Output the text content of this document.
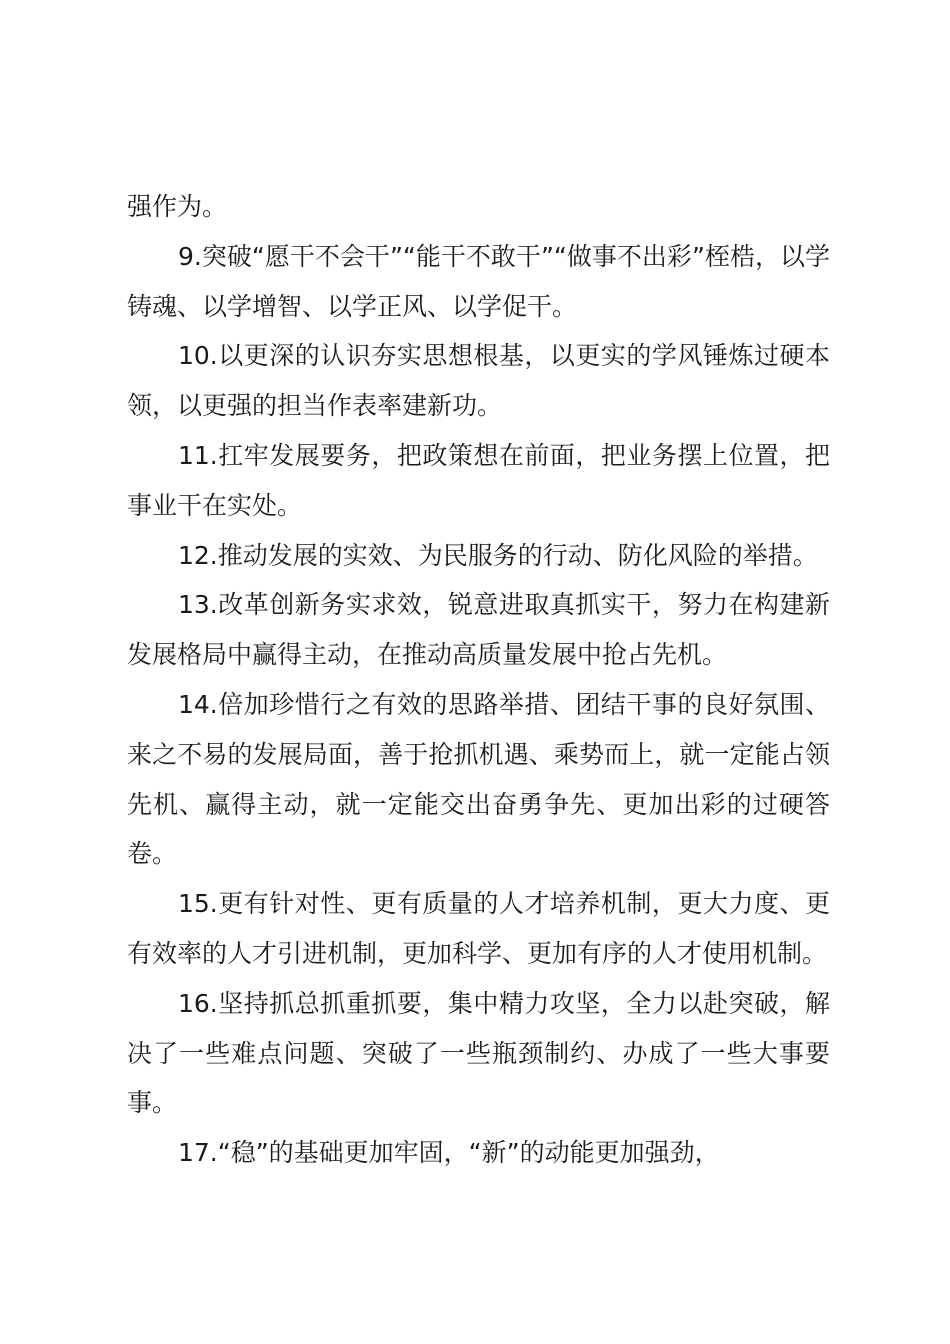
强作为。

9.突破“愿干不会干”“能干不敢干”“做事不出彩”桎梏，以学铸魂、以学增智、以学正风、以学促干。

10.以更深的认识夯实思想根基，以更实的学风锤炼过硬本领，以更强的担当作表率建新功。

11.扛牢发展要务，把政策想在前面，把业务摆上位置，把事业干在实处。

12.推动发展的实效、为民服务的行动、防化风险的举措。

13.改革创新务实求效，锐意进取真抓实干，努力在构建新发展格局中赢得主动，在推动高质量发展中抢占先机。

14.倍加珍惜行之有效的思路举措、团结干事的良好氛围、来之不易的发展局面，善于抢抓机遇、乘势而上，就一定能占领先机、赢得主动，就一定能交出奋勇争先、更加出彩的过硬答卷。

15.更有针对性、更有质量的人才培养机制，更大力度、更有效率的人才引进机制，更加科学、更加有序的人才使用机制。

16.坚持抓总抓重抓要，集中精力攻坚，全力以赴突破，解决了一些难点问题、突破了一些瓶颈制约、办成了一些大事要事。

17.“稳”的基础更加牢固，“新”的动能更加强劲，
